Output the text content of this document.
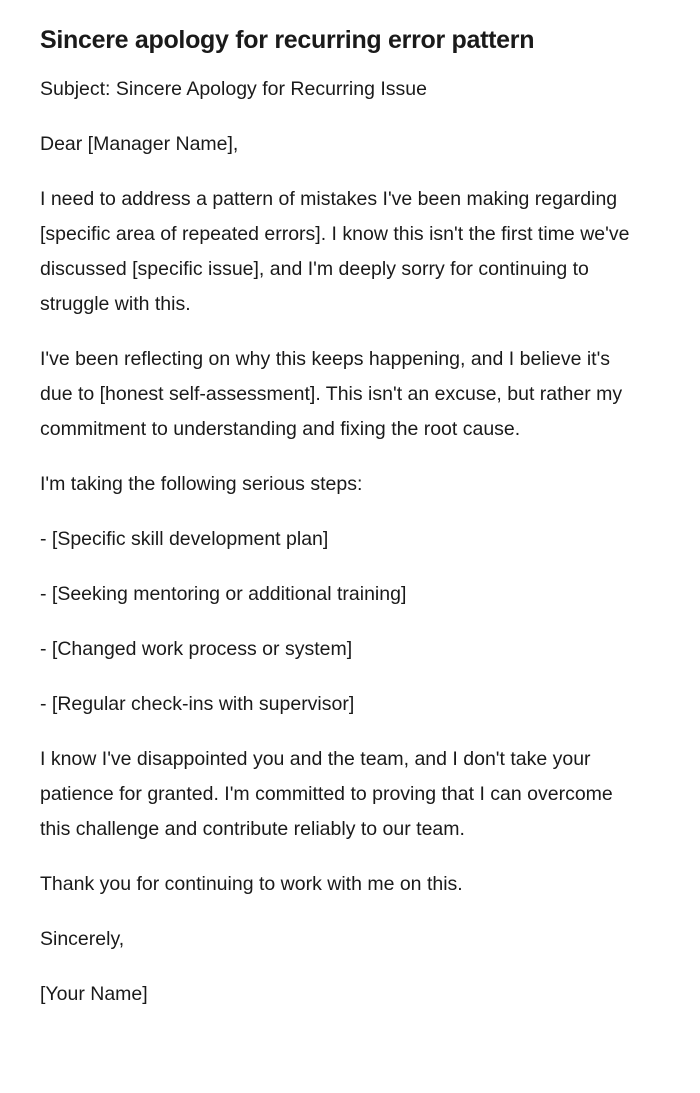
Sincere apology for recurring error pattern

Subject: Sincere Apology for Recurring Issue

Dear [Manager Name],

I need to address a pattern of mistakes I've been making regarding [specific area of repeated errors]. I know this isn't the first time we've discussed [specific issue], and I'm deeply sorry for continuing to struggle with this.

I've been reflecting on why this keeps happening, and I believe it's due to [honest self-assessment]. This isn't an excuse, but rather my commitment to understanding and fixing the root cause.

I'm taking the following serious steps:

- [Specific skill development plan]

- [Seeking mentoring or additional training]

- [Changed work process or system]

- [Regular check-ins with supervisor]

I know I've disappointed you and the team, and I don't take your patience for granted. I'm committed to proving that I can overcome this challenge and contribute reliably to our team.

Thank you for continuing to work with me on this.

Sincerely,

[Your Name]
